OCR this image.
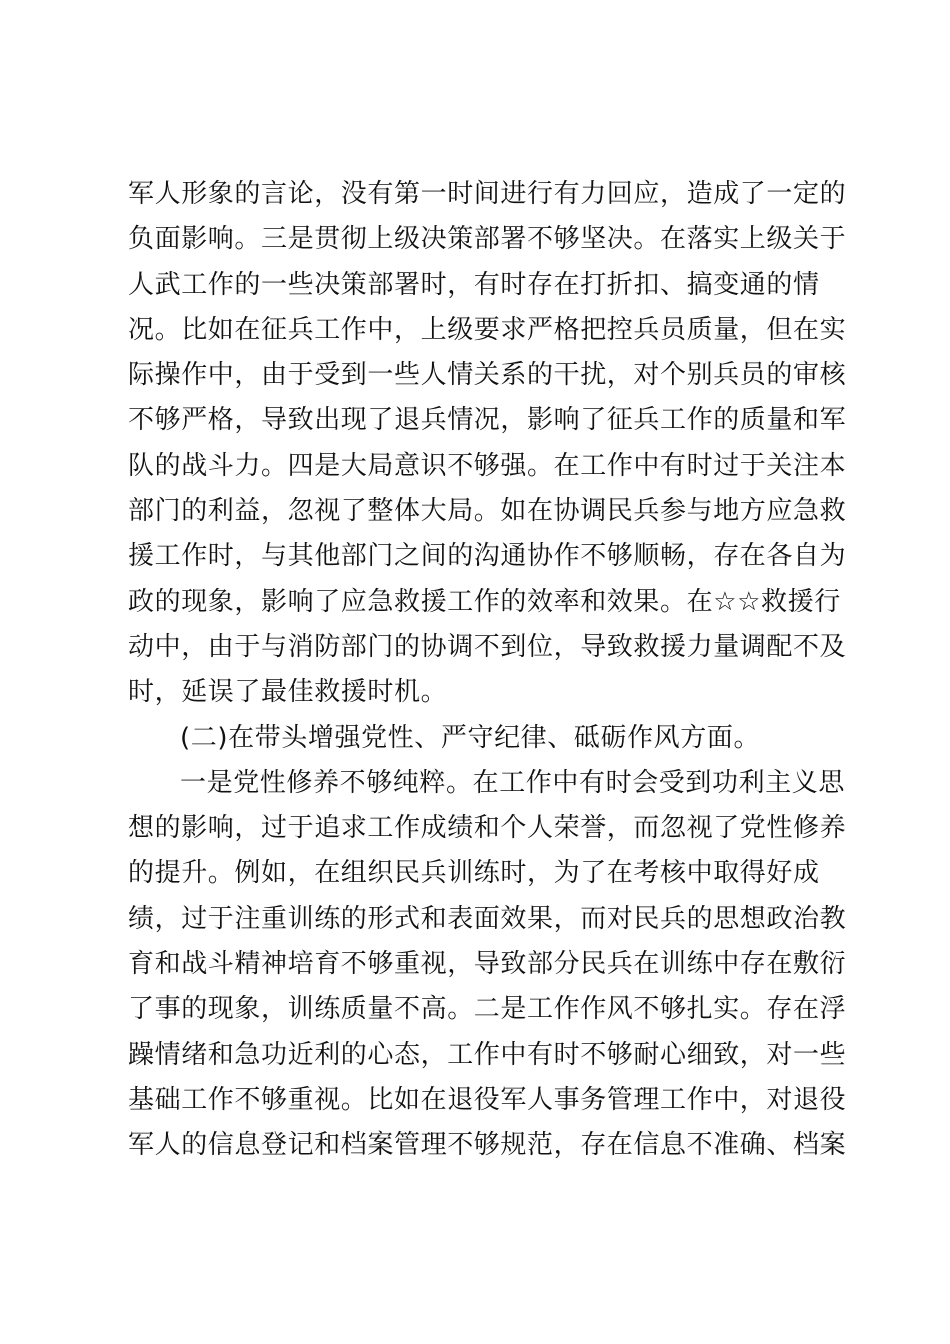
军人形象的言论，没有第一时间进行有力回应，造成了一定的
负面影响。三是贯彻上级决策部署不够坚决。在落实上级关于
人武工作的一些决策部署时，有时存在打折扣、搞变通的情
况。比如在征兵工作中，上级要求严格把控兵员质量，但在实
际操作中，由于受到一些人情关系的干扰，对个别兵员的审核
不够严格，导致出现了退兵情况，影响了征兵工作的质量和军
队的战斗力。四是大局意识不够强。在工作中有时过于关注本
部门的利益，忽视了整体大局。如在协调民兵参与地方应急救
援工作时，与其他部门之间的沟通协作不够顺畅，存在各自为
政的现象，影响了应急救援工作的效率和效果。在☆☆救援行
动中，由于与消防部门的协调不到位，导致救援力量调配不及
时，延误了最佳救援时机。
(二)在带头增强党性、严守纪律、砥砺作风方面。
一是党性修养不够纯粹。在工作中有时会受到功利主义思
想的影响，过于追求工作成绩和个人荣誉，而忽视了党性修养
的提升。例如，在组织民兵训练时，为了在考核中取得好成
绩，过于注重训练的形式和表面效果，而对民兵的思想政治教
育和战斗精神培育不够重视，导致部分民兵在训练中存在敷衍
了事的现象，训练质量不高。二是工作作风不够扎实。存在浮
躁情绪和急功近利的心态，工作中有时不够耐心细致，对一些
基础工作不够重视。比如在退役军人事务管理工作中，对退役
军人的信息登记和档案管理不够规范，存在信息不准确、档案
